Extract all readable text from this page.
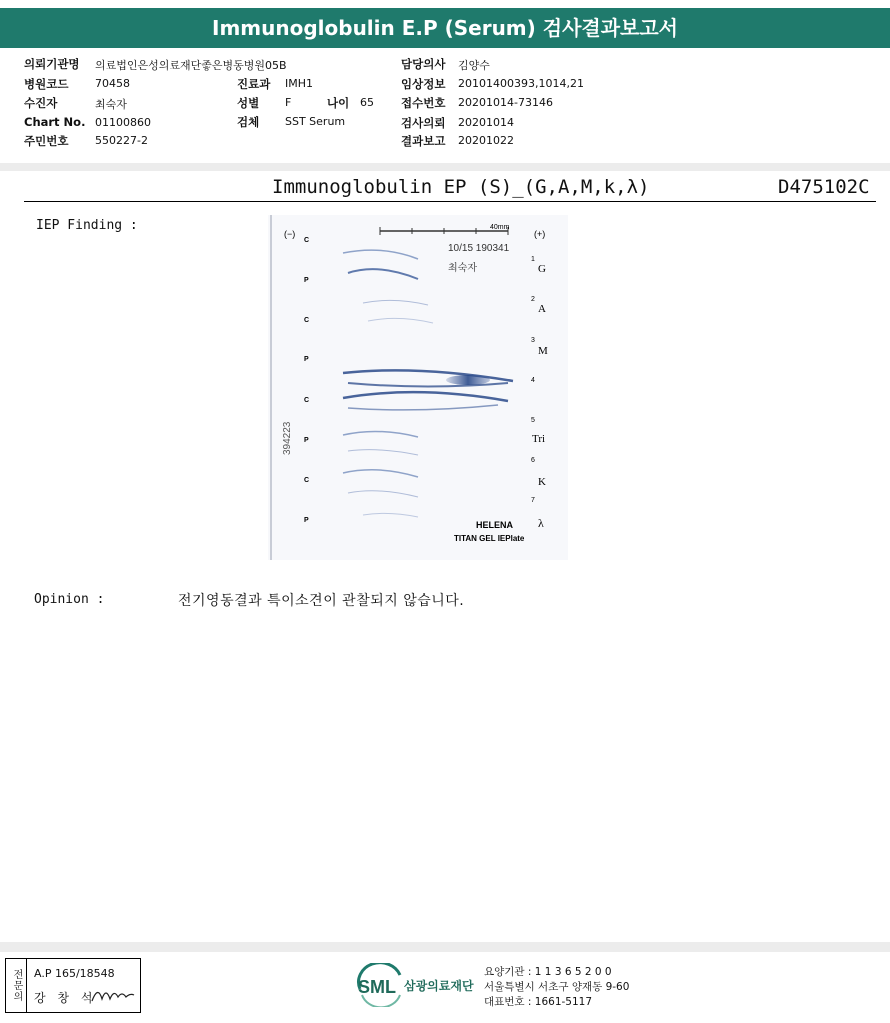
Immunoglobulin E.P (Serum) 검사결과보고서
의뢰기관명 의료법인은성의료재단좋은병동병원05B
병원코드 70458
수진자	최숙자
Chart No. 01100860
주민번호 550227-2
진료과 IMH1
성별 F	나이 65
검체 SST Serum
담당의사 김양수
임상정보 20101400393,1014,21
접수번호 20201014-73146
검사의뢰 20201014
결과보고 20201022
Immunoglobulin EP (S)_(G,A,M,k,λ)	D475102C
IEP Finding :	40mm
(−)	(+)
10/15 190341
최숙자
394223
C
P
C
P
C
P
C
P
1
G
2
A
3
M
4
5
Tri
6
K
7
λ
HELENA
TITAN GEL IEPlate
Opinion :	전기영동결과 특이소견이 관찰되지 않습니다.
전문의	A.P 165/18548
강 창 석
SML 삼광의료재단
요양기관 : 1 1 3 6 5 2 0 0
서울특별시 서초구 양재동 9-60
대표번호 : 1661-5117
